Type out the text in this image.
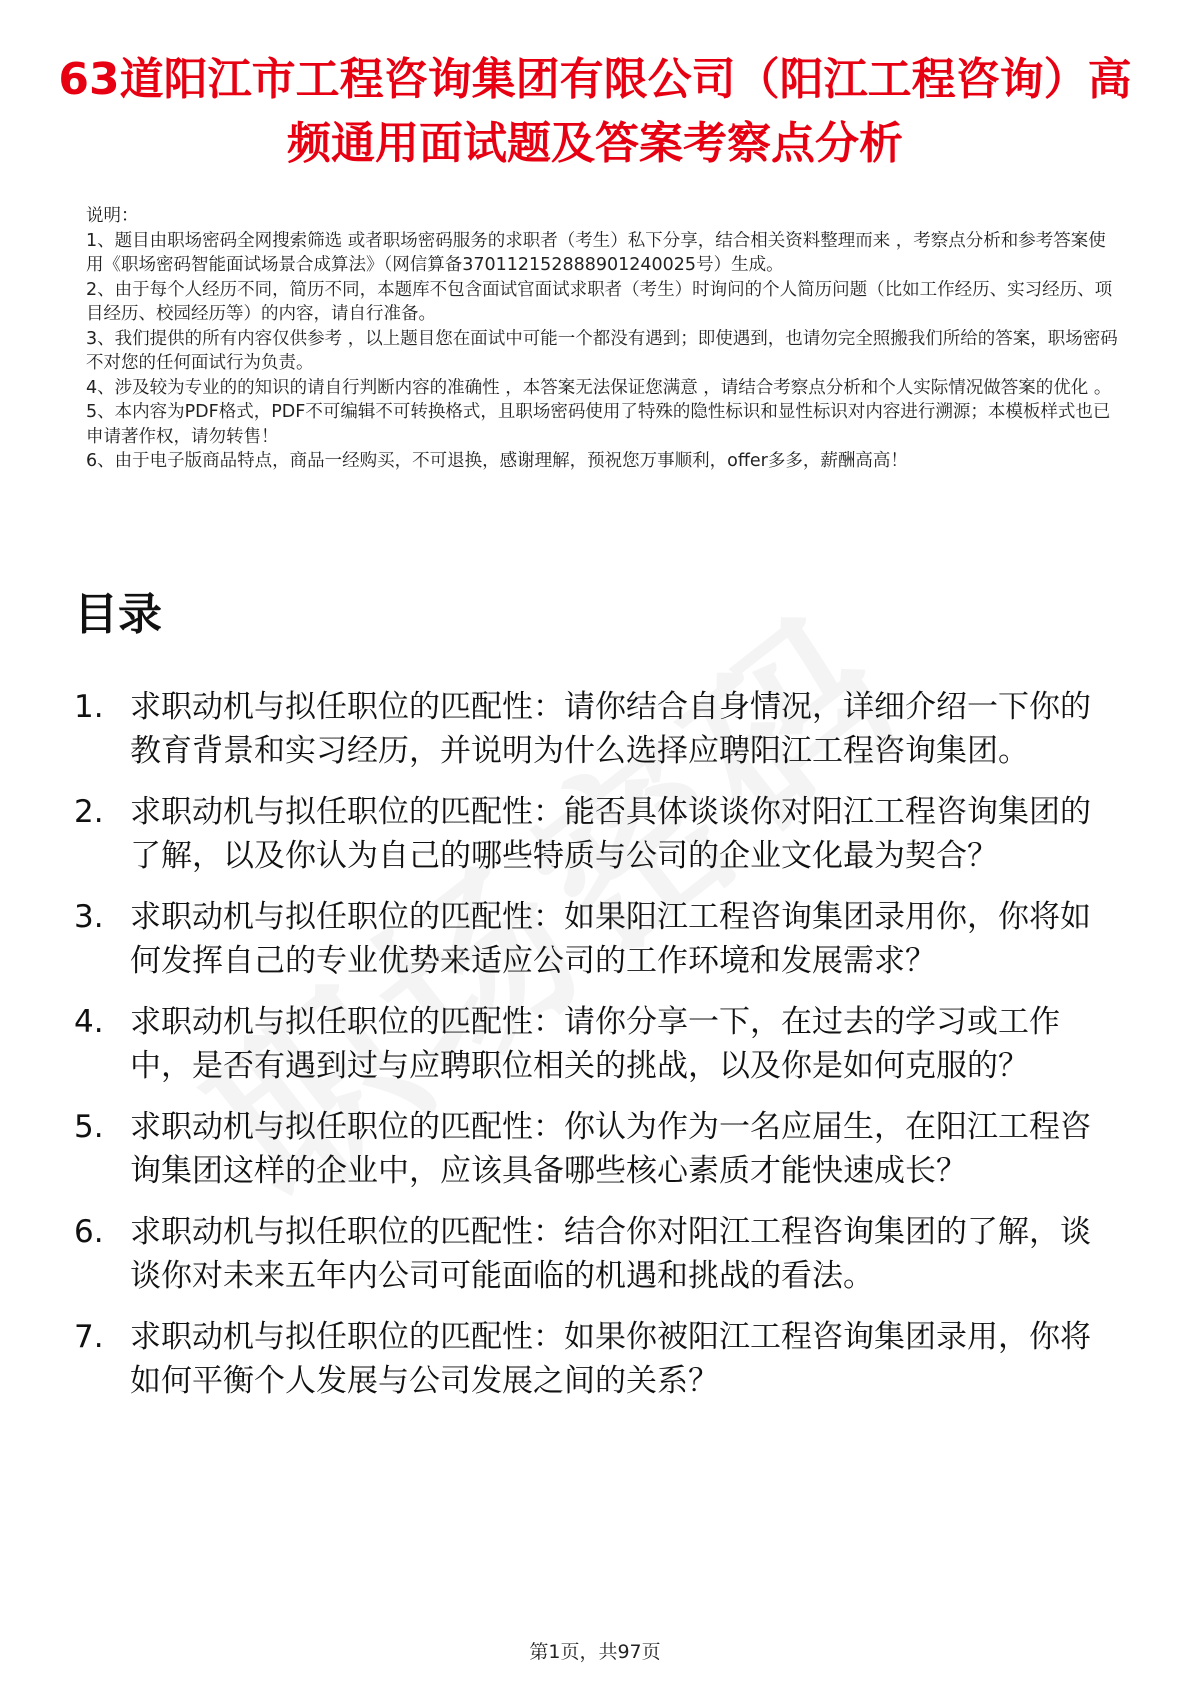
63道阳江市工程咨询集团有限公司（阳江工程咨询）高频通用面试题及答案考察点分析

说明：

1、题目由职场密码全网搜索筛选 或者职场密码服务的求职者（考生）私下分享，结合相关资料整理而来 ，考察点分析和参考答案使用《职场密码智能面试场景合成算法》（网信算备370112152888901240025号）生成。

2、由于每个人经历不同，简历不同，本题库不包含面试官面试求职者（考生）时询问的个人简历问题（比如工作经历、实习经历、项目经历、校园经历等）的内容，请自行准备。

3、我们提供的所有内容仅供参考 ，以上题目您在面试中可能一个都没有遇到；即使遇到，也请勿完全照搬我们所给的答案，职场密码不对您的任何面试行为负责。

4、涉及较为专业的的知识的请自行判断内容的准确性 ，本答案无法保证您满意 ，请结合考察点分析和个人实际情况做答案的优化 。

5、本内容为PDF格式，PDF不可编辑不可转换格式，且职场密码使用了特殊的隐性标识和显性标识对内容进行溯源；本模板样式也已申请著作权，请勿转售！

6、由于电子版商品特点，商品一经购买，不可退换，感谢理解，预祝您万事顺利，offer多多，薪酬高高！

目录
1. 求职动机与拟任职位的匹配性：请你结合自身情况，详细介绍一下你的教育背景和实习经历，并说明为什么选择应聘阳江工程咨询集团。
2. 求职动机与拟任职位的匹配性：能否具体谈谈你对阳江工程咨询集团的了解，以及你认为自己的哪些特质与公司的企业文化最为契合？
3. 求职动机与拟任职位的匹配性：如果阳江工程咨询集团录用你，你将如何发挥自己的专业优势来适应公司的工作环境和发展需求？
4. 求职动机与拟任职位的匹配性：请你分享一下，在过去的学习或工作中，是否有遇到过与应聘职位相关的挑战，以及你是如何克服的？
5. 求职动机与拟任职位的匹配性：你认为作为一名应届生，在阳江工程咨询集团这样的企业中，应该具备哪些核心素质才能快速成长？
6. 求职动机与拟任职位的匹配性：结合你对阳江工程咨询集团的了解，谈谈你对未来五年内公司可能面临的机遇和挑战的看法。
7. 求职动机与拟任职位的匹配性：如果你被阳江工程咨询集团录用，你将如何平衡个人发展与公司发展之间的关系？
第1页，共97页
